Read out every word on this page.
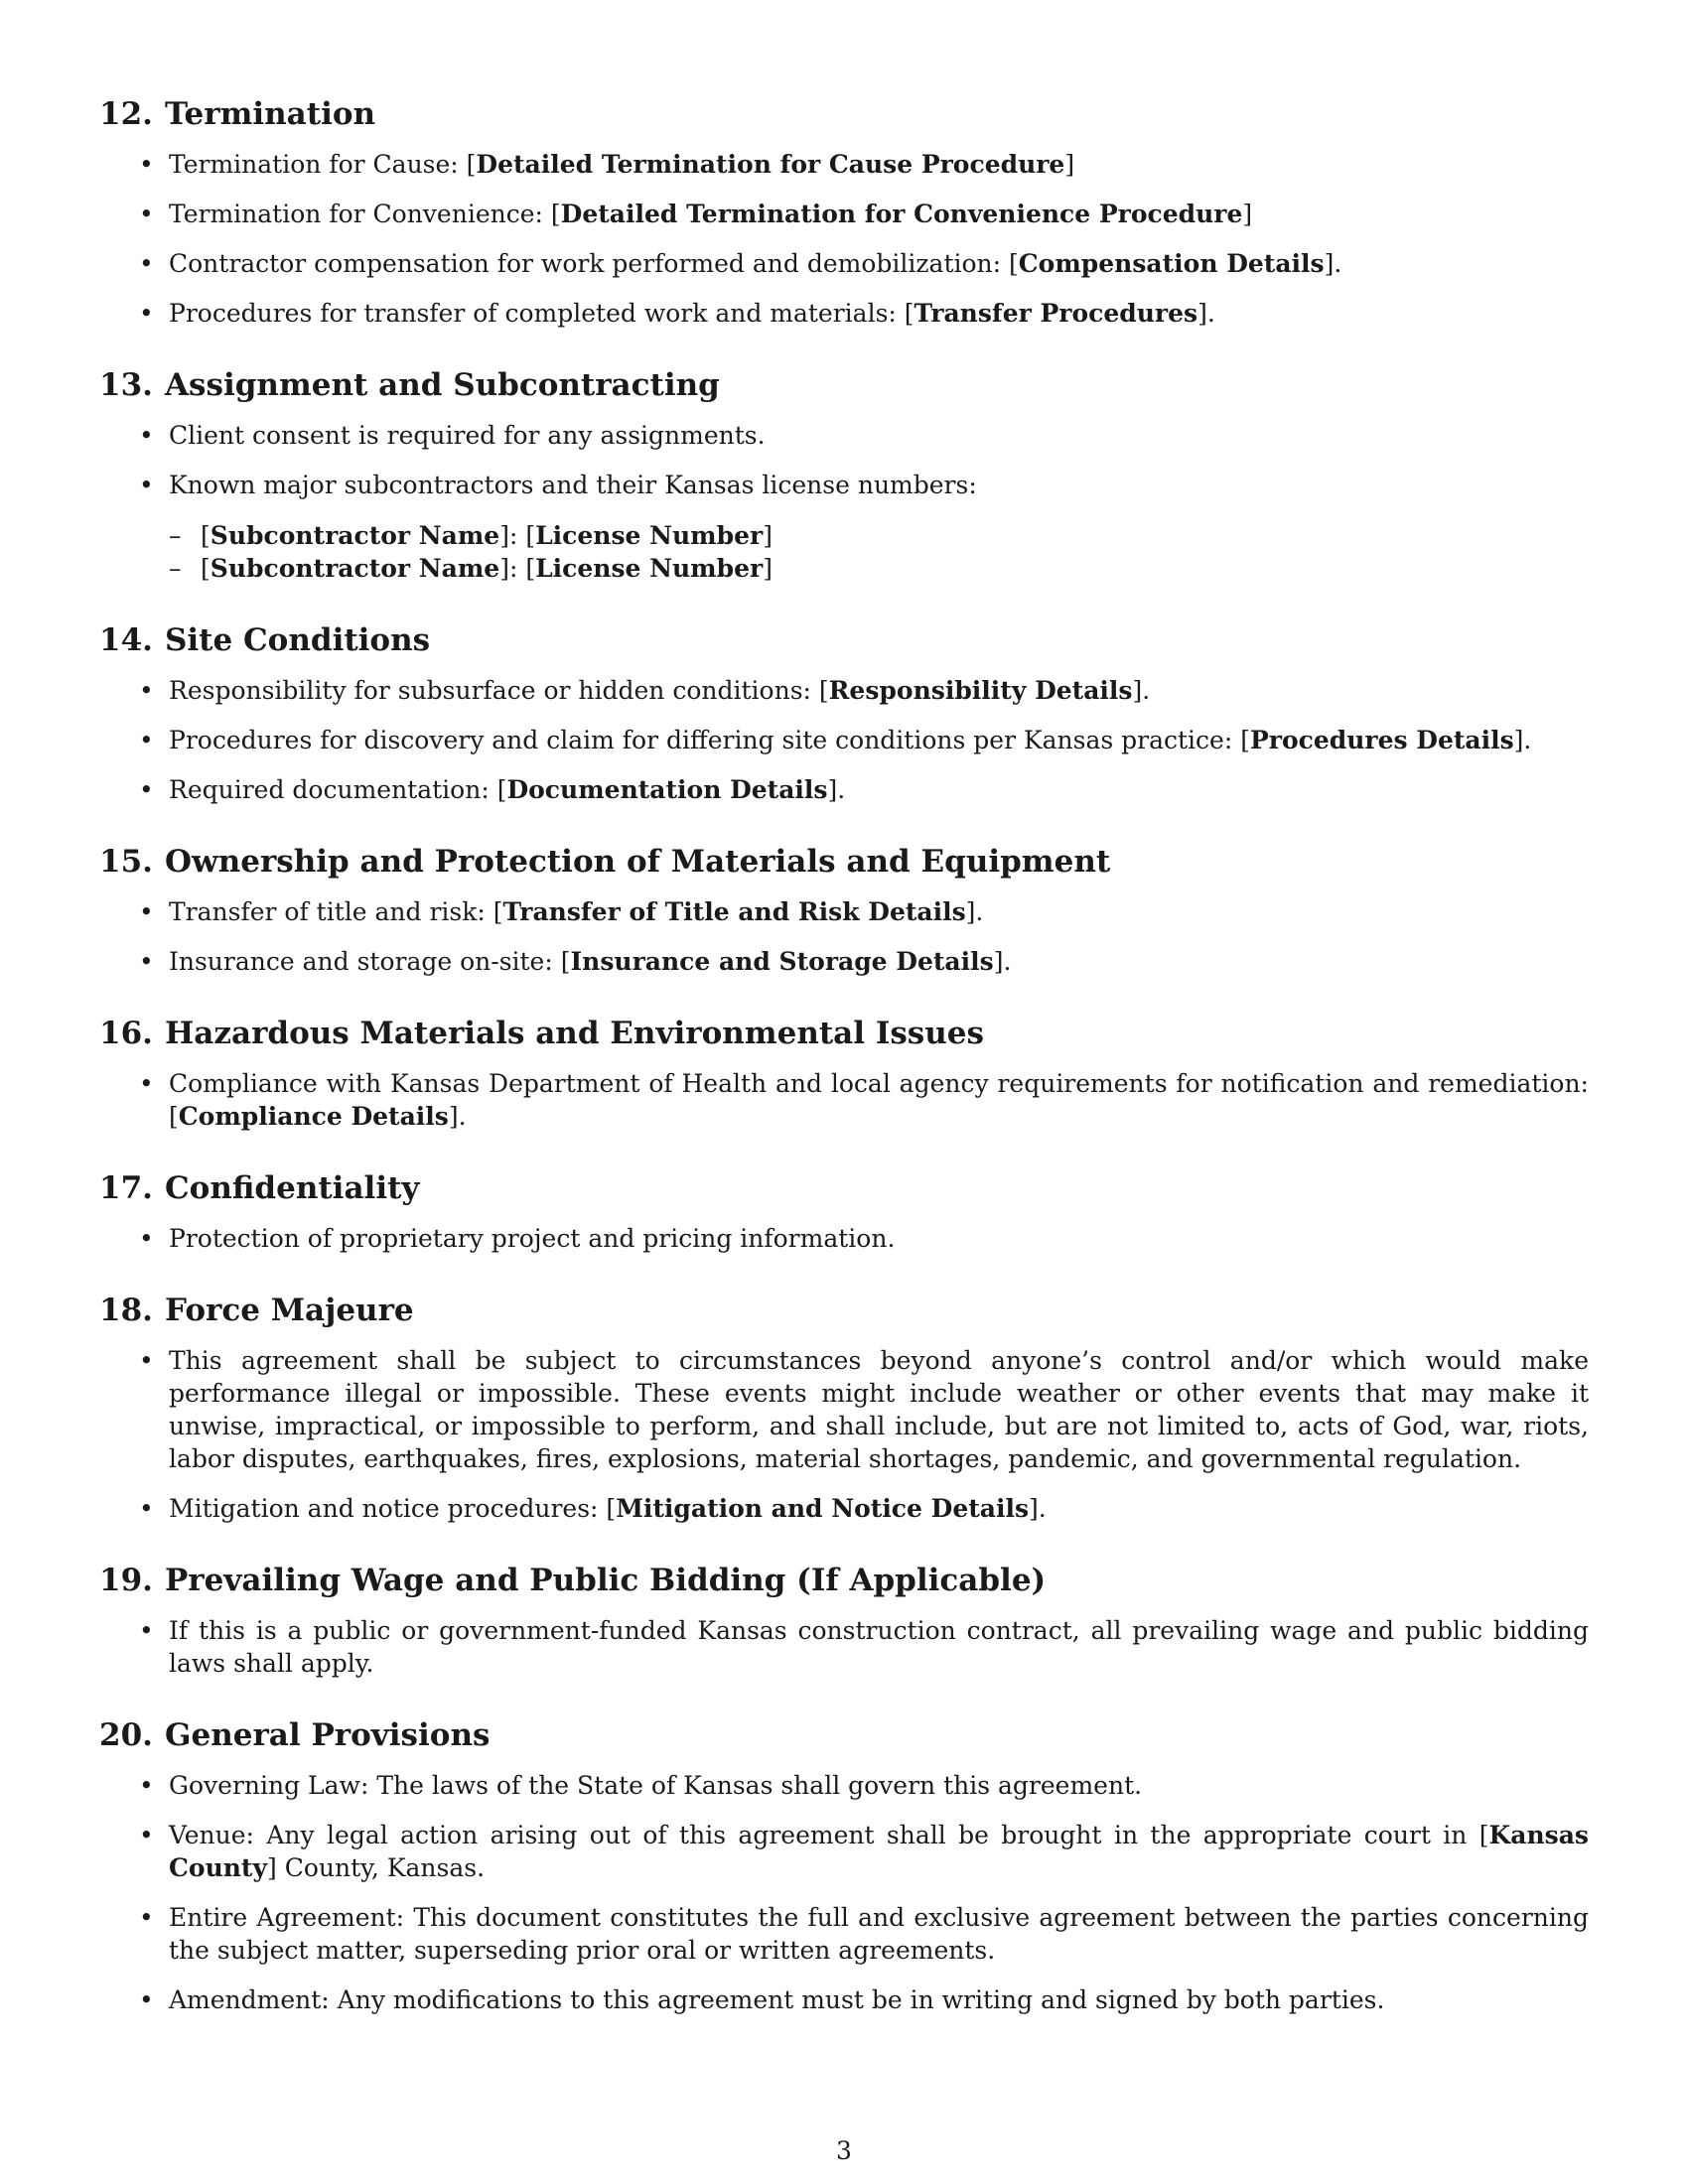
12. Termination
• Termination for Cause: [Detailed Termination for Cause Procedure]
• Termination for Convenience: [Detailed Termination for Convenience Procedure]
• Contractor compensation for work performed and demobilization: [Compensation Details].
• Procedures for transfer of completed work and materials: [Transfer Procedures].
13. Assignment and Subcontracting
• Client consent is required for any assignments.
• Known major subcontractors and their Kansas license numbers:
– [Subcontractor Name]: [License Number]
– [Subcontractor Name]: [License Number]
14. Site Conditions
• Responsibility for subsurface or hidden conditions: [Responsibility Details].
• Procedures for discovery and claim for differing site conditions per Kansas practice: [Procedures Details].
• Required documentation: [Documentation Details].
15. Ownership and Protection of Materials and Equipment
• Transfer of title and risk: [Transfer of Title and Risk Details].
• Insurance and storage on-site: [Insurance and Storage Details].
16. Hazardous Materials and Environmental Issues
• Compliance with Kansas Department of Health and local agency requirements for notification and remediation: [Compliance Details].
17. Confidentiality
• Protection of proprietary project and pricing information.
18. Force Majeure
• This agreement shall be subject to circumstances beyond anyone’s control and/or which would make performance illegal or impossible. These events might include weather or other events that may make it unwise, impractical, or impossible to perform, and shall include, but are not limited to, acts of God, war, riots, labor disputes, earthquakes, fires, explosions, material shortages, pandemic, and governmental regulation.
• Mitigation and notice procedures: [Mitigation and Notice Details].
19. Prevailing Wage and Public Bidding (If Applicable)
• If this is a public or government-funded Kansas construction contract, all prevailing wage and public bidding laws shall apply.
20. General Provisions
• Governing Law: The laws of the State of Kansas shall govern this agreement.
• Venue: Any legal action arising out of this agreement shall be brought in the appropriate court in [Kansas County] County, Kansas.
• Entire Agreement: This document constitutes the full and exclusive agreement between the parties concerning the subject matter, superseding prior oral or written agreements.
• Amendment: Any modifications to this agreement must be in writing and signed by both parties.
3
